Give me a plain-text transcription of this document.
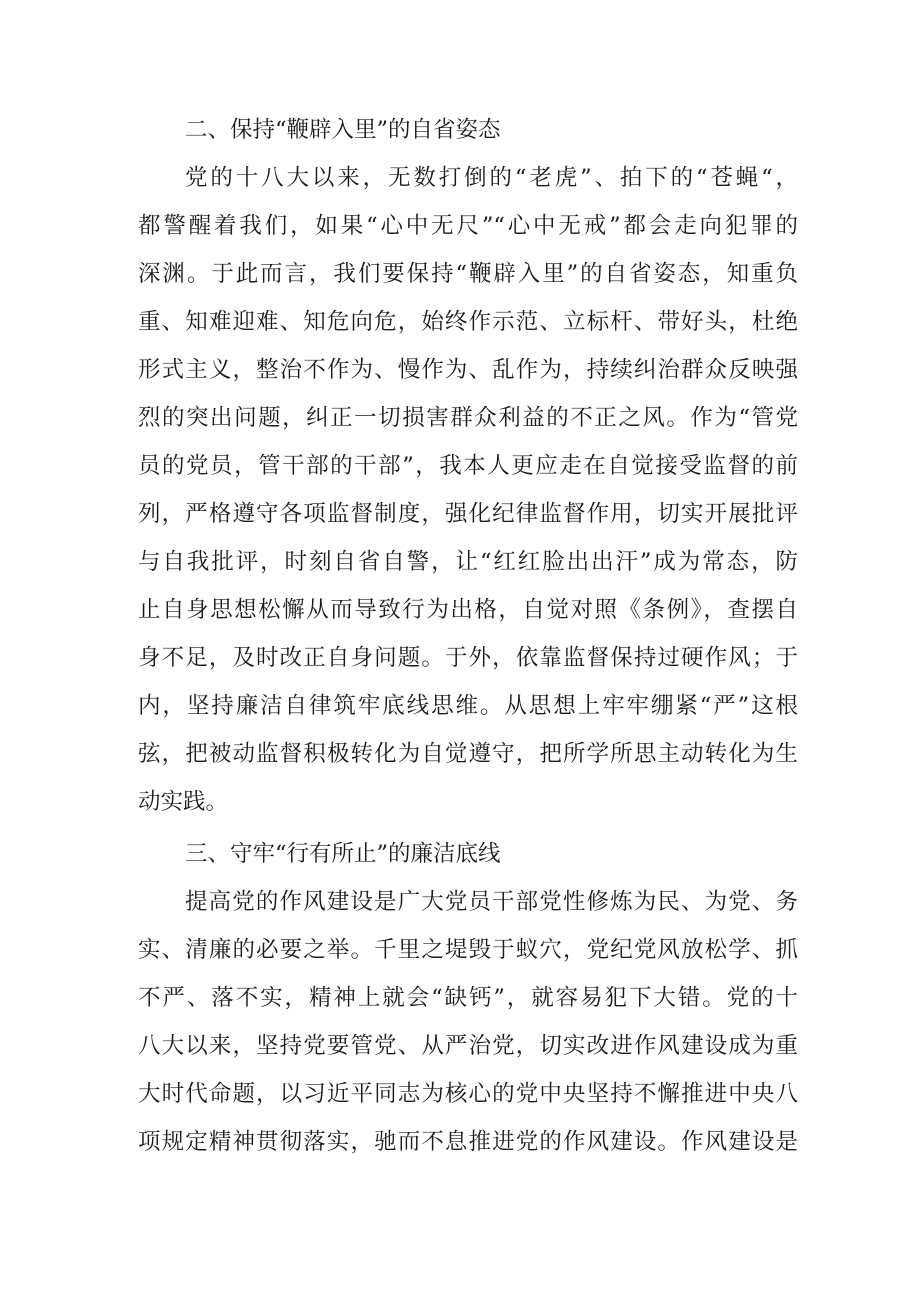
二、保持“鞭辟入里”的自省姿态
党的十八大以来，无数打倒的“老虎”、拍下的“苍蝇“，
都警醒着我们，如果“心中无尺”“心中无戒”都会走向犯罪的
深渊。于此而言，我们要保持“鞭辟入里”的自省姿态，知重负
重、知难迎难、知危向危，始终作示范、立标杆、带好头，杜绝
形式主义，整治不作为、慢作为、乱作为，持续纠治群众反映强
烈的突出问题，纠正一切损害群众利益的不正之风。作为“管党
员的党员，管干部的干部”，我本人更应走在自觉接受监督的前
列，严格遵守各项监督制度，强化纪律监督作用，切实开展批评
与自我批评，时刻自省自警，让“红红脸出出汗”成为常态，防
止自身思想松懈从而导致行为出格，自觉对照《条例》，查摆自
身不足，及时改正自身问题。于外，依靠监督保持过硬作风；于
内，坚持廉洁自律筑牢底线思维。从思想上牢牢绷紧“严”这根
弦，把被动监督积极转化为自觉遵守，把所学所思主动转化为生
动实践。
三、守牢“行有所止”的廉洁底线
提高党的作风建设是广大党员干部党性修炼为民、为党、务
实、清廉的必要之举。千里之堤毁于蚁穴，党纪党风放松学、抓
不严、落不实，精神上就会“缺钙”，就容易犯下大错。党的十
八大以来，坚持党要管党、从严治党，切实改进作风建设成为重
大时代命题，以习近平同志为核心的党中央坚持不懈推进中央八
项规定精神贯彻落实，驰而不息推进党的作风建设。作风建设是
